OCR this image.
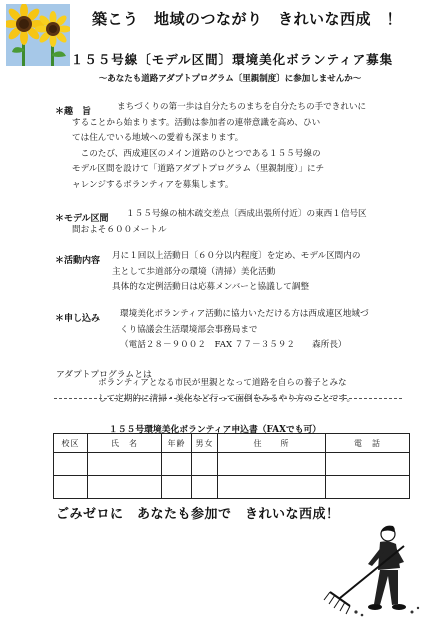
築こう　地域のつながり　きれいな西成　！
１５５号線〔モデル区間〕環境美化ボランティア募集
〜あなたも道路アダプトプログラム〔里親制度〕に参加しませんか〜
＊趣　旨	まちづくりの第一歩は自分たちのまちを自分たちの手できれいに
することから始まります。活動は参加者の連帯意識を高め、ひい
ては住んでいる地域への愛着も深まります。
　このたび、西成連区のメイン道路のひとつである１５５号線の
モデル区間を設けて「道路アダプトプログラム（里親制度）」にチ
ャレンジするボランティアを募集します。
＊モデル区間 １５５号線の柚木疏交差点〔西成出張所付近〕の東西１信号区
間およそ６００メートル
＊活動内容 月に１回以上活動日〔６０分以内程度〕を定め、モデル区間内の
主として歩道部分の環境（清掃）美化活動
具体的な定例活動日は応募メンバーと協議して調整
＊申し込み 環境美化ボランティア活動に協力いただける方は西成連区地域づ
くり協議会生活環境部会事務局まで
（電話２８－９００２　FAX ７７－３５９２　　森所長）
アダプトプログラムとは
ボランティアとなる市民が里親となって道路を自らの養子とみな
して定期的に清掃・美化など行って面倒をみるやり方のことです。
１５５号環境美化ボランティア申込書（FAXでも可）
校区	氏　名	年齢	男女	住　　所	電　話

ごみゼロに　あなたも参加で　きれいな西成！
